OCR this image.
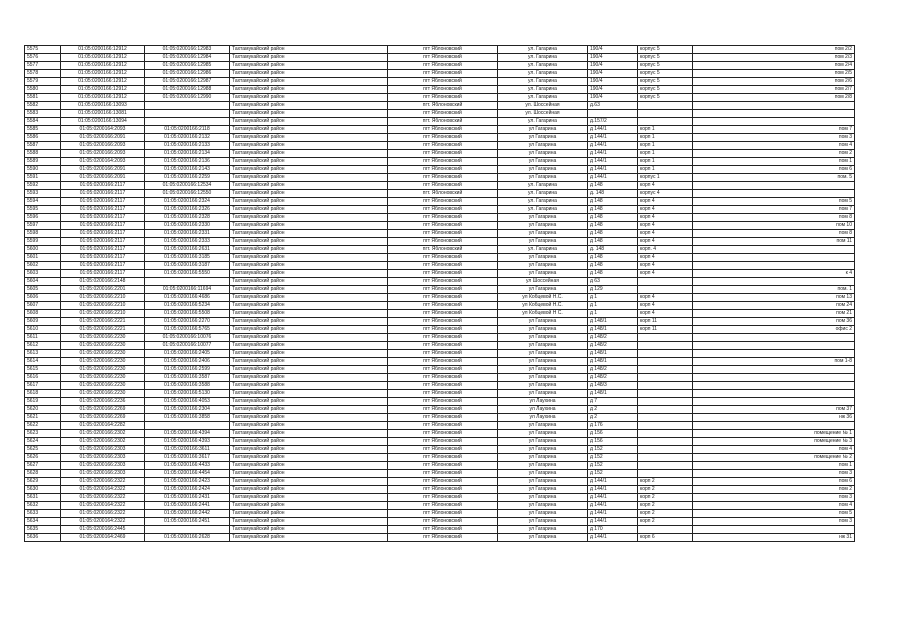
5575	01:05:0200166:12912	01:05:0200166:12983	Тахтамукайский район	пгт Яблоновский	ул. Гагарина	190/4	корпус 5	пом 2/2
5576	01:05:0200166:12912	01:05:0200166:12984	Тахтамукайский район	пгт Яблоновский	ул. Гагарина	190/4	корпус 5	пом 2/3
5577	01:05:0200166:12912	01:05:0200166:12985	Тахтамукайский район	пгт Яблоновский	ул. Гагарина	190/4	корпус 5	пом 2/4
5578	01:05:0200166:12912	01:05:0200166:12986	Тахтамукайский район	пгт Яблоновский	ул. Гагарина	190/4	корпус 5	пом 2/5
5579	01:05:0200166:12912	01:05:0200166:12987	Тахтамукайский район	пгт Яблоновский	ул. Гагарина	190/4	корпус 5	пом 2/6
5580	01:05:0200166:12912	01:05:0200166:12988	Тахтамукайский район	пгт Яблоновский	ул. Гагарина	190/4	корпус 5	пом 2/7
5581	01:05:0200166:12912	01:05:0200166:12990	Тахтамукайский район	пгт Яблоновский	ул. Гагарина	190/4	корпус 5	пом 2/8
5582	01:05:0200166:13093		Тахтамукайский район	пгт. Яблоновский	ул. Шоссейная	д.63		
5583	01:05:0200166:13081		Тахтамукайский район	пгт Яблоновский	ул. Шоссейная			
5584	01:05:0200166:13094		Тахтамукайский район	пгт. Яблоновский	ул. Гагарина	д.157/2		
5585	01:05:0200164:2093	01:05:0200166:2118	Тахтамукайский район	пгт Яблоновский	ул Гагарина	д 144/1	корп 1	пом 7
5586	01:05:0200166:2091	01:05:0200166:2132	Тахтамукайский район	пгт Яблоновский	ул Гагарина	д 144/1	корп 1	пом 3
5587	01:05:0200166:2093	01:05:0200166:2133	Тахтамукайский район	пгт Яблоновский	ул Гагарина	д 144/1	корп 1	пом 4
5588	01:05:0200166:2093	01:05:0200166:2134	Тахтамукайский район	пгт Яблоновский	ул Гагарина	д 144/1	корп 1	пом 2
5589	01:05:0200164:2093	01:05:0200166:2136	Тахтамукайский район	пгт Яблоновский	ул Гагарина	д 144/1	корп 1	пом 1
5590	01:05:0200166:2091	01:05:0200166:2143	Тахтамукайский район	пгт Яблоновский	ул Гагарина	д 144/1	корп 1	пом 6
5591	01:05:0200166:2091	01:05:0200166:2259	Тахтамукайский район	пгт Яблоновский	ул Гагарина	д 144/1	корпус 1	пом. 5
5592	01:05:0200166:2117	01:05:0200166:12534	Тахтамукайский район	пгт Яблоновский	ул. Гагарина	д 148	корп 4	
5593	01:05:0200166:2117	01:05:0200166:12550	Тахтамукайский район	пгт. Яблоновский	ул. Гагарина	д. 148	корпус 4	
5594	01:05:0200166:2117	01:05:0200166:2324	Тахтамукайский район	пгт Яблоновский	ул. Гагарина	д 148	корп 4	пом 5
5595	01:05:0200166:2117	01:05:0200166:2326	Тахтамукайский район	пгт Яблоновский	ул. Гагарина	д 148	корп 4	пом 7
5596	01:05:0200166:2117	01:05:0200166:2328	Тахтамукайский район	пгт Яблоновский	ул Гагарина	д 148	корп 4	пом 8
5597	01:05:0200166:2117	01:05:0200166:2330	Тахтамукайский район	пгт Яблоновский	ул Гагарина	д 148	корп 4	пом 10
5598	01:05:0200166:2117	01:05:0200166:2331	Тахтамукайский район	пгт Яблоновский	ул Гагарина	д 148	корп 4	пом 8
5599	01:05:0200166:2117	01:05:0200166:2333	Тахтамукайский район	пгт Яблоновский	ул Гагарина	д 148	корп 4	пом 11
5600	01:05:0200166:2117	01:05:0200166:2631	Тахтамукайский район	пгт. Яблоновский	ул. Гагарина	д. 148	корп. 4	
5601	01:05:0200166:2117	01:05:0200166:3185	Тахтамукайский район	пгт Яблоновский	ул Гагарина	д 148	корп 4	
5602	01:05:0200166:2117	01:05:0200166:3187	Тахтамукайский район	пгт Яблоновский	ул Гагарина	д 148	корп 4	
5603	01:05:0200166:2117	01:05:0200166:5550	Тахтамукайский район	пгт Яблоновский	ул Гагарина	д 148	корп 4	к 4
5604	01:05:0200166:2148		Тахтамукайский район	пгт Яблоновский	ул Шоссейная	д 63		
5605	01:05:0200166:2201	01:05:0200166:11694	Тахтамукайский район	пгт Яблоновский	ул Гагарина	д 129		пом. 1
5606	01:05:0200166:2210	01:05:0200166:4686	Тахтамукайский район	пгт Яблоновский	ул Кобцевой Н.С.	д 1	корп 4	пом 13
5607	01:05:0200166:2210	01:05:0200166:5234	Тахтамукайский район	пгт Яблоновский	ул Кобцевой Н.С.	д 1	корп 4	пом 24
5608	01:05:0200166:2210	01:05:0200166:5508	Тахтамукайский район	пгт Яблоновский	ул Кобцевой Н С.	д 1	корп 4	пом 21
5609	01:05:0200166:2221	01:05:0200166:2270	Тахтамукайский район	пгт Яблоновский	ул Гагарина	д 148/1	корп 11	пом 36
5610	01:05:0200166:2221	01:05:0200166:5765	Тахтамукайский район	пгт Яблоновский	ул Гагарина	д 148/1	корп 11	офис 2
5611	01:05:0200166:2230	01:05:0200166:10076	Тахтамукайский район	пгт Яблоновский	ул Гагарина	д 148/2		
5612	01:05:0200166:2230	01:05:0200166:10077	Тахтамукайский район	пгт Яблоновский	ул Гагарина	д 148/2		
5613	01:05:0200166:2230	01:05:0200166:2405	Тахтамукайский район	пгт Яблоновский	ул Гагарина	д 148/1		
5614	01:05:0200166:2230	01:05:0200166:2406	Тахтамукайский район	пгт Яблоновский	ул Гагарина	д 148/1		пом 1-8
5615	01:05:0200166:2230	01:05:0200166:2599	Тахтамукайский район	пгт Яблоновский	ул Гагарина	д 148/2		
5616	01:05:0200166:2230	01:05:0200166:3587	Тахтамукайский район	пгт Яблоновский	ул Гагарина	д 148/2		
5617	01:05:0200166:2230	01:05:0200166:3588	Тахтамукайский район	пгт Яблоновский	ул Гагарина	д 148/3		
5618	01:05:0200166:2230	01:05:0200166:5130	Тахтамукайский район	пгт Яблоновский	ул Гагарина	д 148/1		
5619	01:05:0200166:2236	01:05:0200166:4053	Тахтамукайский район	пгт Яблоновский	ул Лаухина	д 7		
5620	01:05:0200166:2269	01:05:0200166:2304	Тахтамукайский район	пгт Яблоновский	ул Лаухина	д 2		пом 37
5621	01:05:0200166:2269	01:05:0200166:3858	Тахтамукайский район	пгт Яблоновский	ул Лаухина	д 2		нж 36
5622	01:05:0200164:2282		Тахтамукайский район	пгт Яблоновский	ул Гагарина	д 176		
5623	01:05:0200166:2302	01:05:0200166:4394	Тахтамукайский район	пгт Яблоновский	ул Гагарина	д 156		помещение № 1
5624	01:05:0200166:2302	01:05:0200166:4393	Тахтамукайский район	пгт Яблоновский	ул Гагарина	д 156		помещение № 3
5625	01:05:0200166:2303	01:05:0200166:3611	Тахтамукайский район	пгт Яблоновский	ул Гагарина	д 152		пом 4
5626	01:05:0200166:2303	01:05:0200166:3617	Тахтамукайский район	пгт Яблоновский	ул Гагарина	д 152		помещение № 2
5627	01:05:0200166:2303	01:05:0200166:4433	Тахтамукайский район	пгт Яблоновский	ул Гагарина	д 152		пом 1
5628	01:05:0200166:2303	01:05:0200166:4454	Тахтамукайский район	пгт Яблоновский	ул Гагарина	д 152		пом 3
5629	01:05:0200166:2322	01:05:0200166:2423	Тахтамукайский район	пгт Яблоновский	ул Гагарина	д 144/1	корп 2	пом 6
5630	01:05:0200164:2322	01:05:0200166:2424	Тахтамукайский район	пгт Яблоновский	ул Гагарина	д 144/1	корп 2	пом 2
5631	01:05:0200166:2322	01:05:0200166:2431	Тахтамукайский район	пгт Яблоновский	ул Гагарина	д 144/1	корп 2	пом 3
5632	01:05:0200164:2322	01:05:0200166:2441	Тахтамукайский район	пгт Яблоновский	ул Гагарина	д 144/1	корп 2	пом 4
5633	01:05:0200166:2322	01:05:0200166:2442	Тахтамукайский район	пгт Яблоновский	ул Гагарина	д 144/1	корп 2	пом 5
5634	01:05:0200164:2322	01:05:0200166:2451	Тахтамукайский район	пгт Яблоновский	ул Гагарина	д 144/1	корп 2	пом 3
5635	01:05:0200166:2445		Тахтамукайский район	пгт Яблоновский	ул Гагарина	д 170		
5636	01:05:0200164:2469	01:05:0200166:2628	Тахтамукайский район	пгт Яблоновский	ул Гагарина	д 144/1	корп 6	нж 31
